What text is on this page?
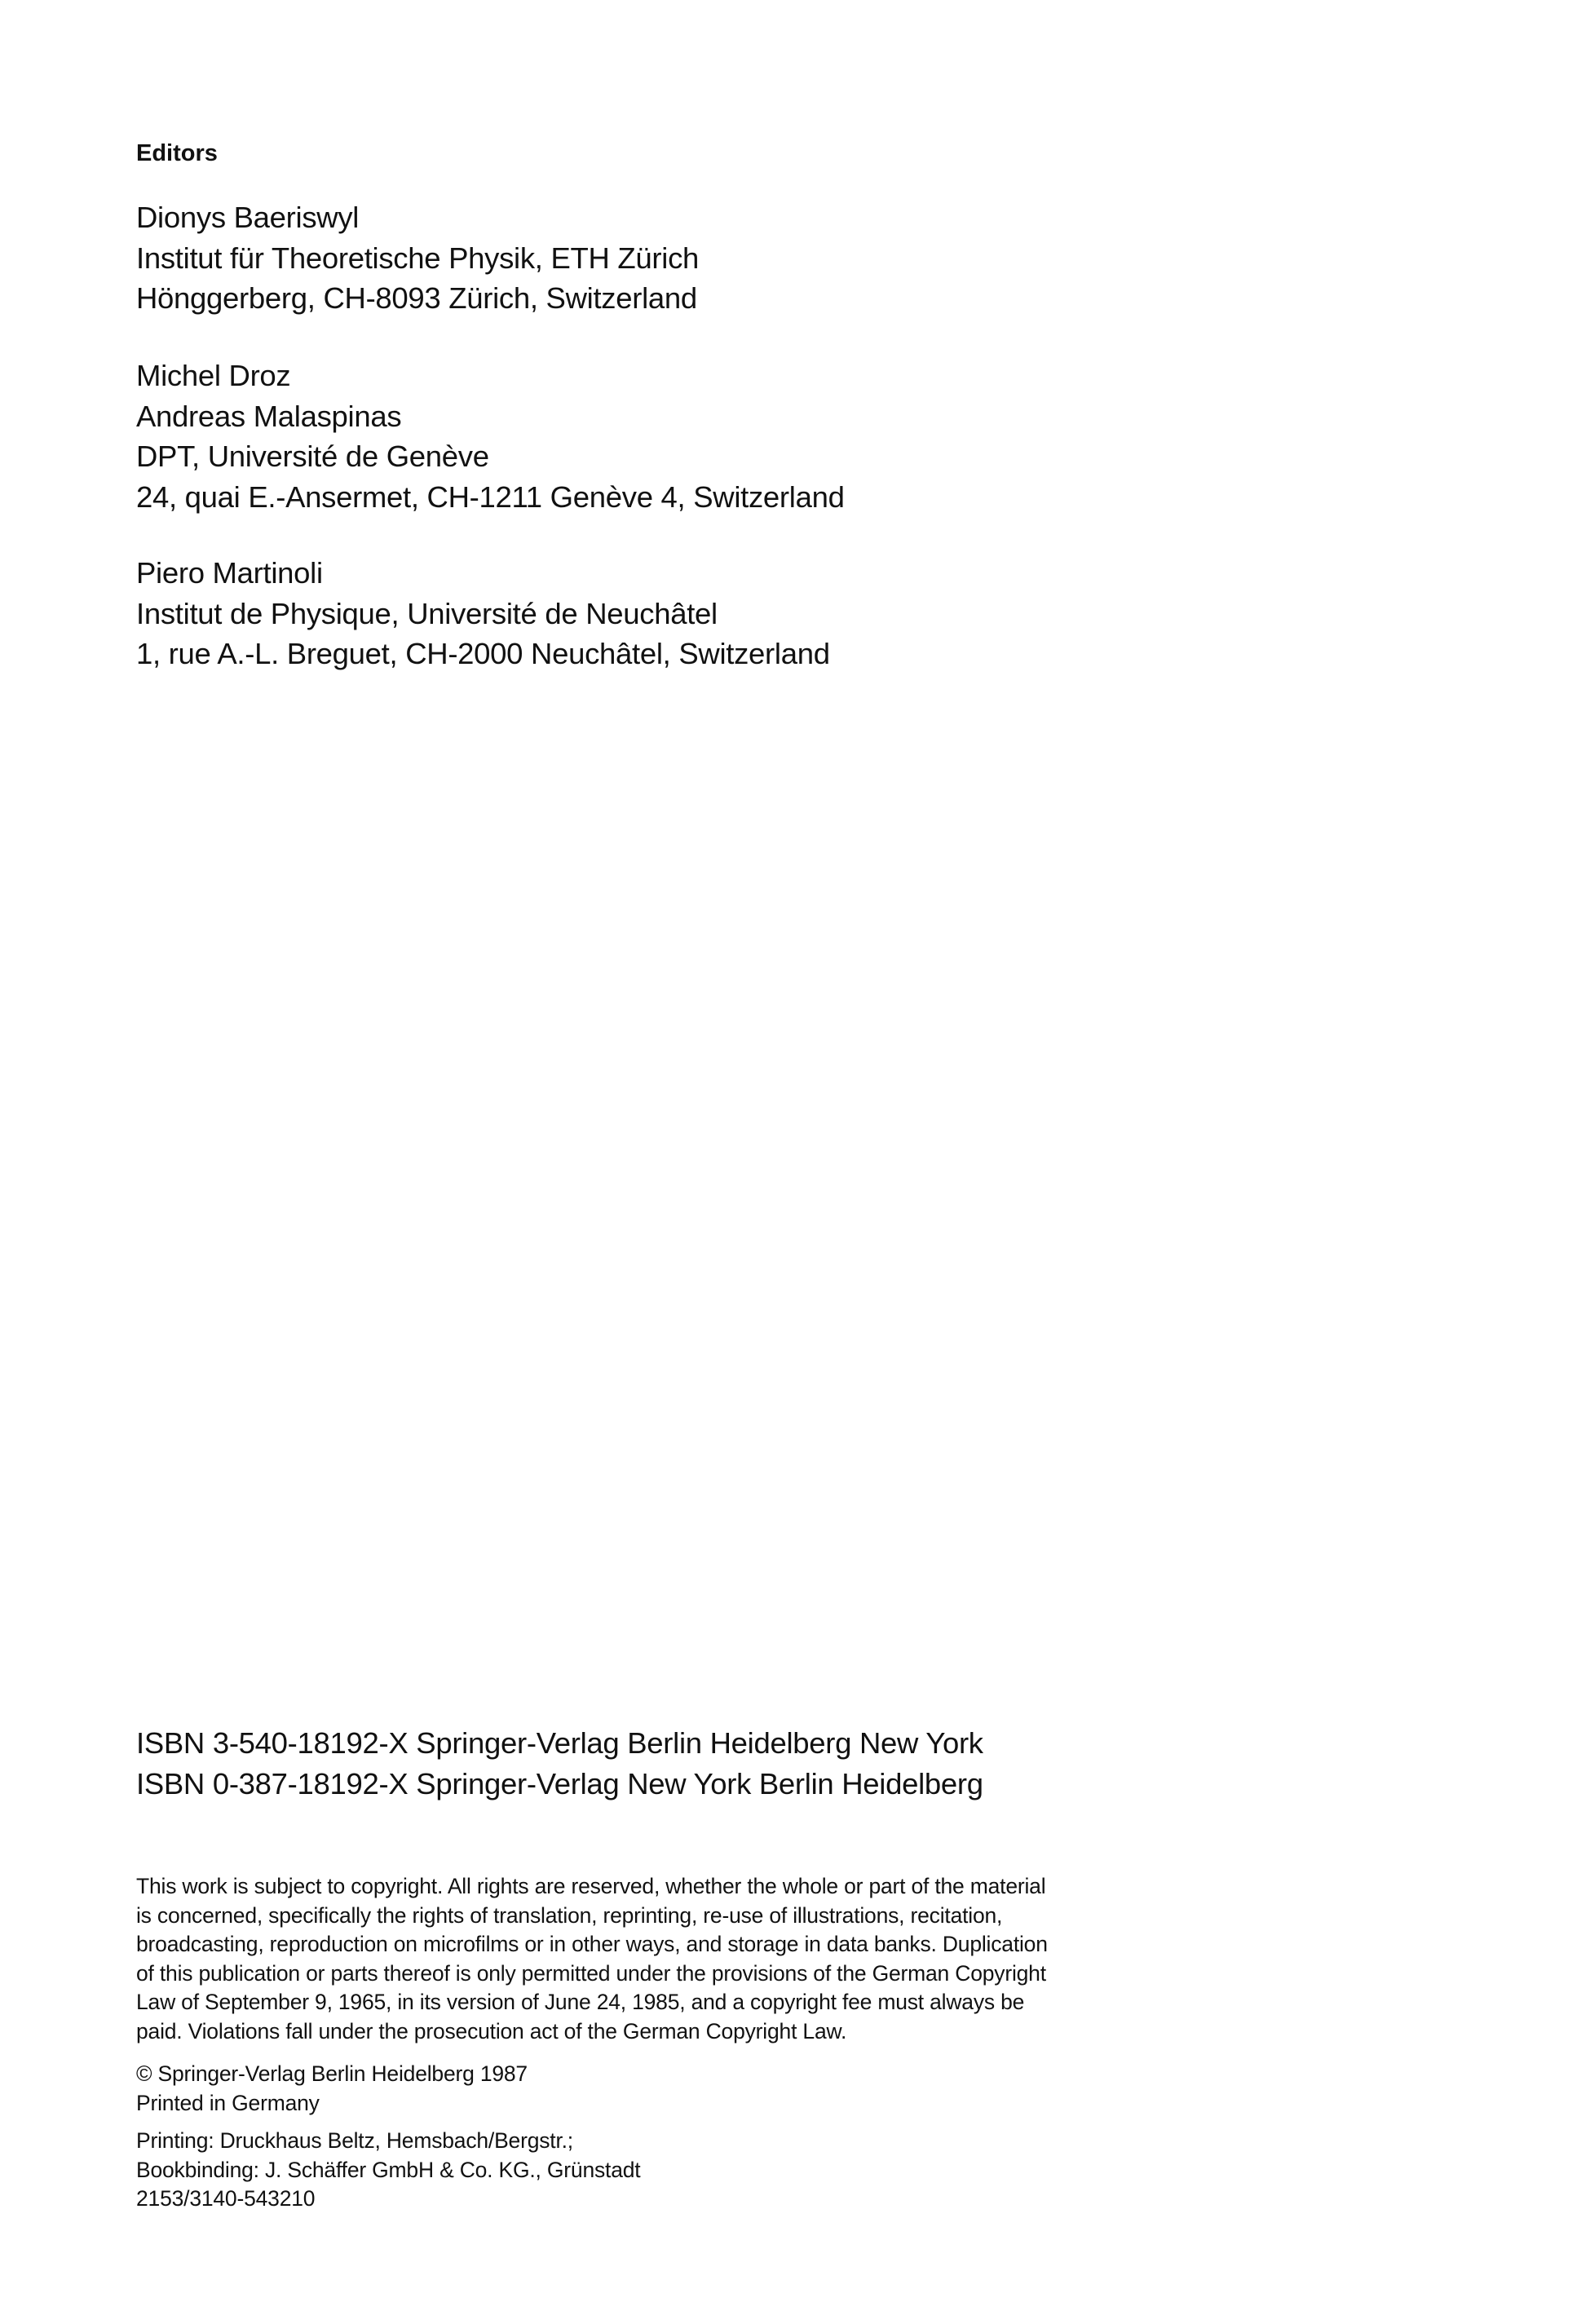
Editors
Dionys Baeriswyl
Institut für Theoretische Physik, ETH Zürich
Hönggerberg, CH-8093 Zürich, Switzerland
Michel Droz
Andreas Malaspinas
DPT, Université de Genève
24, quai E.-Ansermet, CH-1211 Genève 4, Switzerland
Piero Martinoli
Institut de Physique, Université de Neuchâtel
1, rue A.-L. Breguet, CH-2000 Neuchâtel, Switzerland
ISBN 3-540-18192-X Springer-Verlag Berlin Heidelberg New York
ISBN 0-387-18192-X Springer-Verlag New York Berlin Heidelberg
This work is subject to copyright. All rights are reserved, whether the whole or part of the material
is concerned, specifically the rights of translation, reprinting, re-use of illustrations, recitation,
broadcasting, reproduction on microfilms or in other ways, and storage in data banks. Duplication
of this publication or parts thereof is only permitted under the provisions of the German Copyright
Law of September 9, 1965, in its version of June 24, 1985, and a copyright fee must always be
paid. Violations fall under the prosecution act of the German Copyright Law.
© Springer-Verlag Berlin Heidelberg 1987
Printed in Germany
Printing: Druckhaus Beltz, Hemsbach/Bergstr.;
Bookbinding: J. Schäffer GmbH & Co. KG., Grünstadt
2153/3140-543210
